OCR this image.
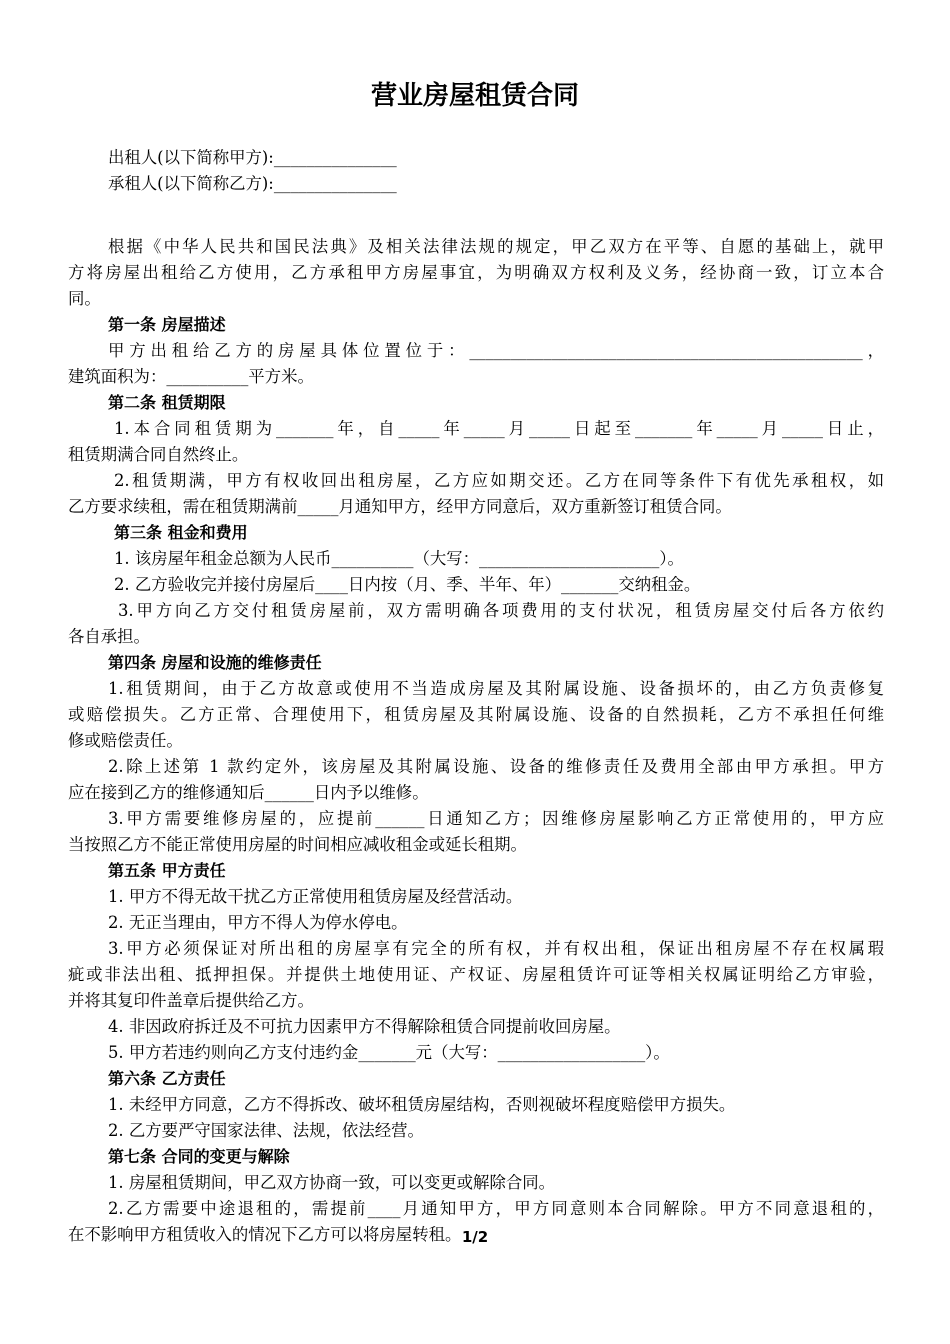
营业房屋租赁合同
出租人(以下简称甲方):_______________
承租人(以下简称乙方):_______________
根据《中华人民共和国民法典》及相关法律法规的规定，甲乙双方在平等、自愿的基础上，就甲
方将房屋出租给乙方使用，乙方承租甲方房屋事宜，为明确双方权利及义务，经协商一致，订立本合
同。
第一条 房屋描述
甲方出租给乙方的房屋具体位置位于：________________________________________________，
建筑面积为：__________平方米。
第二条 租赁期限
1.本合同租赁期为_______年，自_____年_____月_____日起至_______年_____月_____日止，
租赁期满合同自然终止。
2.租赁期满，甲方有权收回出租房屋，乙方应如期交还。乙方在同等条件下有优先承租权，如
乙方要求续租，需在租赁期满前_____月通知甲方，经甲方同意后，双方重新签订租赁合同。
第三条 租金和费用
1. 该房屋年租金总额为人民币__________（大写：______________________）。
2. 乙方验收完并接付房屋后____日内按（月、季、半年、年）_______交纳租金。
3.甲方向乙方交付租赁房屋前，双方需明确各项费用的支付状况，租赁房屋交付后各方依约
各自承担。
第四条 房屋和设施的维修责任
1.租赁期间，由于乙方故意或使用不当造成房屋及其附属设施、设备损坏的，由乙方负责修复
或赔偿损失。乙方正常、合理使用下，租赁房屋及其附属设施、设备的自然损耗，乙方不承担任何维
修或赔偿责任。
2.除上述第 1 款约定外，该房屋及其附属设施、设备的维修责任及费用全部由甲方承担。甲方
应在接到乙方的维修通知后______日内予以维修。
3.甲方需要维修房屋的，应提前______日通知乙方；因维修房屋影响乙方正常使用的，甲方应
当按照乙方不能正常使用房屋的时间相应减收租金或延长租期。
第五条 甲方责任
1. 甲方不得无故干扰乙方正常使用租赁房屋及经营活动。
2. 无正当理由，甲方不得人为停水停电。
3.甲方必须保证对所出租的房屋享有完全的所有权，并有权出租，保证出租房屋不存在权属瑕
疵或非法出租、抵押担保。并提供土地使用证、产权证、房屋租赁许可证等相关权属证明给乙方审验，
并将其复印件盖章后提供给乙方。
4. 非因政府拆迁及不可抗力因素甲方不得解除租赁合同提前收回房屋。
5. 甲方若违约则向乙方支付违约金_______元（大写：__________________）。
第六条 乙方责任
1. 未经甲方同意，乙方不得拆改、破坏租赁房屋结构，否则视破坏程度赔偿甲方损失。
2. 乙方要严守国家法律、法规，依法经营。
第七条 合同的变更与解除
1. 房屋租赁期间，甲乙双方协商一致，可以变更或解除合同。
2.乙方需要中途退租的，需提前____月通知甲方，甲方同意则本合同解除。甲方不同意退租的，
在不影响甲方租赁收入的情况下乙方可以将房屋转租。 1/2
